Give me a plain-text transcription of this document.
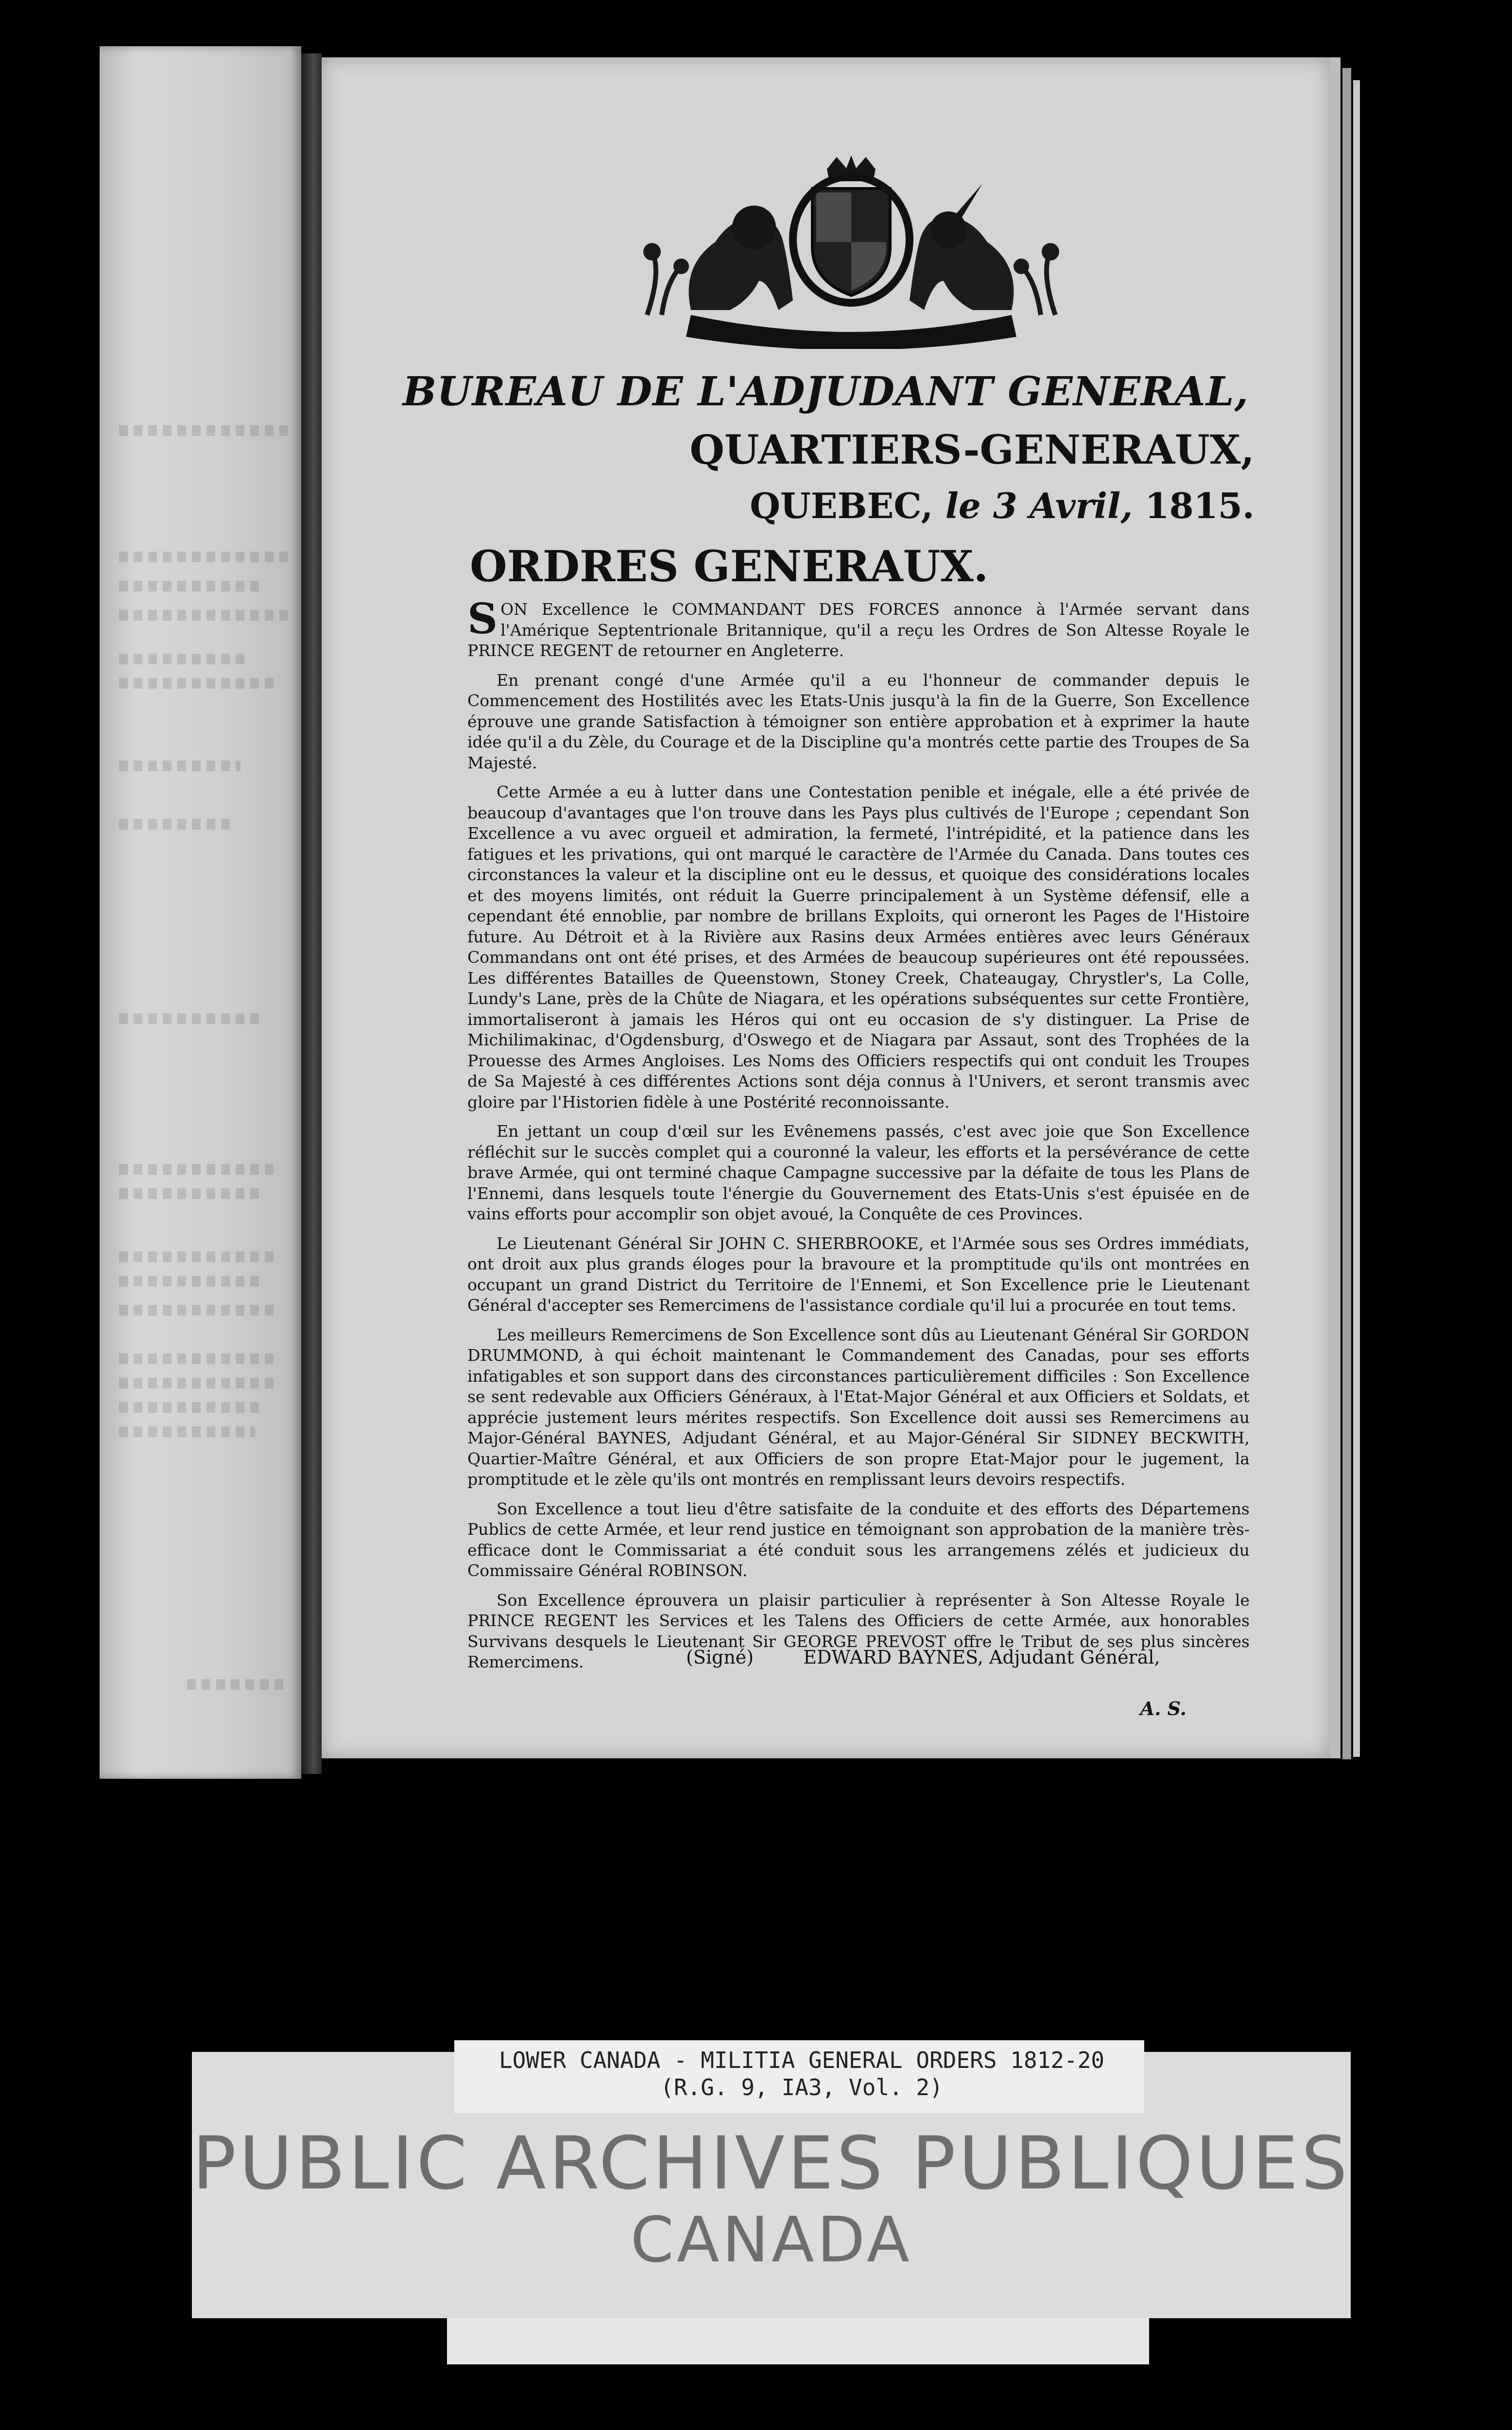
BUREAU DE L'ADJUDANT GENERAL,
QUARTIERS-GENERAUX,
QUEBEC, le 3 Avril, 1815.
ORDRES GENERAUX.

SON Excellence le COMMANDANT DES FORCES annonce à l'Armée servant dans l'Amérique Septentrionale Britannique, qu'il a reçu les Ordres de Son Altesse Royale le PRINCE REGENT de retourner en Angleterre.

En prenant congé d'une Armée qu'il a eu l'honneur de commander depuis le Commencement des Hostilités avec les Etats-Unis jusqu'à la fin de la Guerre, Son Excellence éprouve une grande Satisfaction à témoigner son entière approbation et à exprimer la haute idée qu'il a du Zèle, du Courage et de la Discipline qu'a montrés cette partie des Troupes de Sa Majesté.

Cette Armée a eu à lutter dans une Contestation penible et inégale, elle a été privée de beaucoup d'avantages que l'on trouve dans les Pays plus cultivés de l'Europe ; cependant Son Excellence a vu avec orgueil et admiration, la fermeté, l'intrépidité, et la patience dans les fatigues et les privations, qui ont marqué le caractère de l'Armée du Canada. Dans toutes ces circonstances la valeur et la discipline ont eu le dessus, et quoique des considérations locales et des moyens limités, ont réduit la Guerre principalement à un Système défensif, elle a cependant été ennoblie, par nombre de brillans Exploits, qui orneront les Pages de l'Histoire future. Au Détroit et à la Rivière aux Rasins deux Armées entières avec leurs Généraux Commandans ont ont été prises, et des Armées de beaucoup supérieures ont été repoussées. Les différentes Batailles de Queenstown, Stoney Creek, Chateaugay, Chrystler's, La Colle, Lundy's Lane, près de la Chûte de Niagara, et les opérations subséquentes sur cette Frontière, immortaliseront à jamais les Héros qui ont eu occasion de s'y distinguer. La Prise de Michilimakinac, d'Ogdensburg, d'Oswego et de Niagara par Assaut, sont des Trophées de la Prouesse des Armes Angloises. Les Noms des Officiers respectifs qui ont conduit les Troupes de Sa Majesté à ces différentes Actions sont déja connus à l'Univers, et seront transmis avec gloire par l'Historien fidèle à une Postérité reconnoissante.

En jettant un coup d'œil sur les Evênemens passés, c'est avec joie que Son Excellence réfléchit sur le succès complet qui a couronné la valeur, les efforts et la persévérance de cette brave Armée, qui ont terminé chaque Campagne successive par la défaite de tous les Plans de l'Ennemi, dans lesquels toute l'énergie du Gouvernement des Etats-Unis s'est épuisée en de vains efforts pour accomplir son objet avoué, la Conquête de ces Provinces.

Le Lieutenant Général Sir JOHN C. SHERBROOKE, et l'Armée sous ses Ordres immédiats, ont droit aux plus grands éloges pour la bravoure et la promptitude qu'ils ont montrées en occupant un grand District du Territoire de l'Ennemi, et Son Excellence prie le Lieutenant Général d'accepter ses Remercimens de l'assistance cordiale qu'il lui a procurée en tout tems.

Les meilleurs Remercimens de Son Excellence sont dûs au Lieutenant Général Sir GORDON DRUMMOND, à qui échoit maintenant le Commandement des Canadas, pour ses efforts infatigables et son support dans des circonstances particulièrement difficiles : Son Excellence se sent redevable aux Officiers Généraux, à l'Etat-Major Général et aux Officiers et Soldats, et apprécie justement leurs mérites respectifs. Son Excellence doit aussi ses Remercimens au Major-Général BAYNES, Adjudant Général, et au Major-Général Sir SIDNEY BECKWITH, Quartier-Maître Général, et aux Officiers de son propre Etat-Major pour le jugement, la promptitude et le zèle qu'ils ont montrés en remplissant leurs devoirs respectifs.

Son Excellence a tout lieu d'être satisfaite de la conduite et des efforts des Départemens Publics de cette Armée, et leur rend justice en témoignant son approbation de la manière très-efficace dont le Commissariat a été conduit sous les arrangemens zélés et judicieux du Commissaire Général ROBINSON.

Son Excellence éprouvera un plaisir particulier à représenter à Son Altesse Royale le PRINCE REGENT les Services et les Talens des Officiers de cette Armée, aux honorables Survivans desquels le Lieutenant Sir GEORGE PREVOST offre le Tribut de ses plus sincères Remercimens.	(Signé)	EDWARD BAYNES, Adjudant Général,
A. S.
LOWER CANADA - MILITIA GENERAL ORDERS 1812-20
(R.G. 9, IA3, Vol. 2)
PUBLIC ARCHIVES PUBLIQUES
CANADA
